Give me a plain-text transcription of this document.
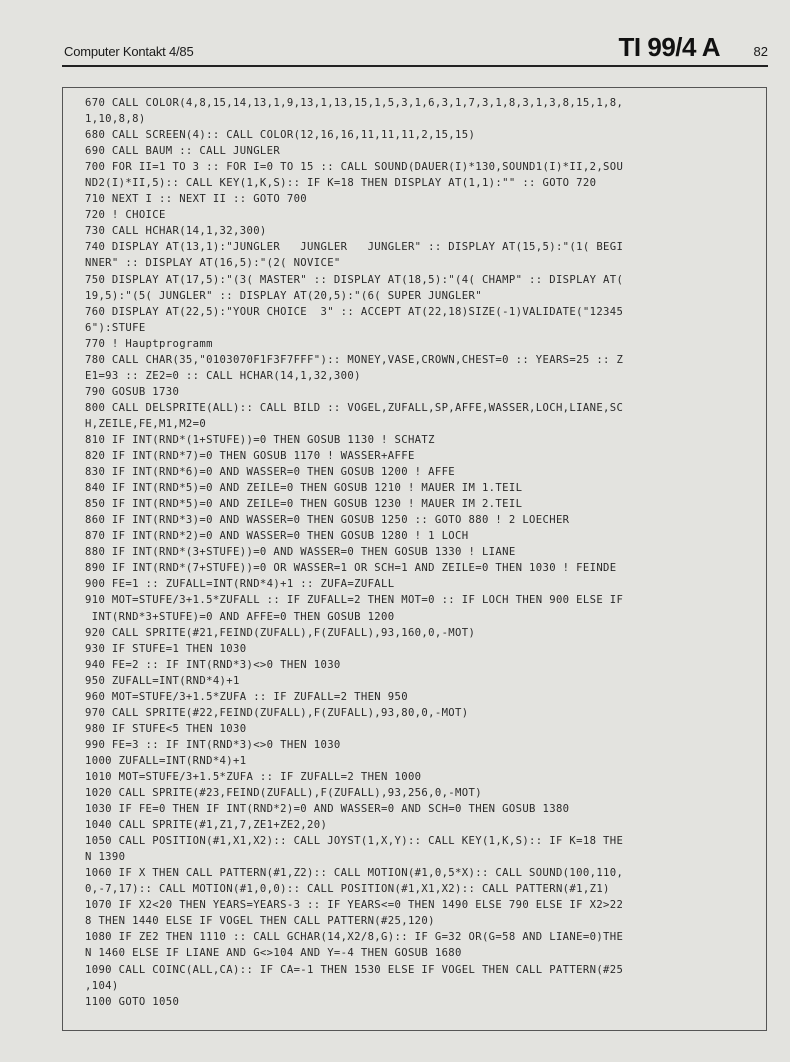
Computer Kontakt 4/85	TI 99/4 A	82
670 CALL COLOR(4,8,15,14,13,1,9,13,1,13,15,1,5,3,1,6,3,1,7,3,1,8,3,1,3,8,15,1,8,
1,10,8,8)
680 CALL SCREEN(4):: CALL COLOR(12,16,16,11,11,11,2,15,15)
690 CALL BAUM :: CALL JUNGLER
700 FOR II=1 TO 3 :: FOR I=0 TO 15 :: CALL SOUND(DAUER(I)*130,SOUND1(I)*II,2,SOU
ND2(I)*II,5):: CALL KEY(1,K,S):: IF K=18 THEN DISPLAY AT(1,1):"" :: GOTO 720
710 NEXT I :: NEXT II :: GOTO 700
720 ! CHOICE
730 CALL HCHAR(14,1,32,300)
740 DISPLAY AT(13,1):"JUNGLER   JUNGLER   JUNGLER" :: DISPLAY AT(15,5):"(1( BEGI
NNER" :: DISPLAY AT(16,5):"(2( NOVICE"
750 DISPLAY AT(17,5):"(3( MASTER" :: DISPLAY AT(18,5):"(4( CHAMP" :: DISPLAY AT(
19,5):"(5( JUNGLER" :: DISPLAY AT(20,5):"(6( SUPER JUNGLER"
760 DISPLAY AT(22,5):"YOUR CHOICE  3" :: ACCEPT AT(22,18)SIZE(-1)VALIDATE("12345
6"):STUFE
770 ! Hauptprogramm
780 CALL CHAR(35,"0103070F1F3F7FFF"):: MONEY,VASE,CROWN,CHEST=0 :: YEARS=25 :: Z
E1=93 :: ZE2=0 :: CALL HCHAR(14,1,32,300)
790 GOSUB 1730
800 CALL DELSPRITE(ALL):: CALL BILD :: VOGEL,ZUFALL,SP,AFFE,WASSER,LOCH,LIANE,SC
H,ZEILE,FE,M1,M2=0
810 IF INT(RND*(1+STUFE))=0 THEN GOSUB 1130 ! SCHATZ
820 IF INT(RND*7)=0 THEN GOSUB 1170 ! WASSER+AFFE
830 IF INT(RND*6)=0 AND WASSER=0 THEN GOSUB 1200 ! AFFE
840 IF INT(RND*5)=0 AND ZEILE=0 THEN GOSUB 1210 ! MAUER IM 1.TEIL
850 IF INT(RND*5)=0 AND ZEILE=0 THEN GOSUB 1230 ! MAUER IM 2.TEIL
860 IF INT(RND*3)=0 AND WASSER=0 THEN GOSUB 1250 :: GOTO 880 ! 2 LOECHER
870 IF INT(RND*2)=0 AND WASSER=0 THEN GOSUB 1280 ! 1 LOCH
880 IF INT(RND*(3+STUFE))=0 AND WASSER=0 THEN GOSUB 1330 ! LIANE
890 IF INT(RND*(7+STUFE))=0 OR WASSER=1 OR SCH=1 AND ZEILE=0 THEN 1030 ! FEINDE
900 FE=1 :: ZUFALL=INT(RND*4)+1 :: ZUFA=ZUFALL
910 MOT=STUFE/3+1.5*ZUFALL :: IF ZUFALL=2 THEN MOT=0 :: IF LOCH THEN 900 ELSE IF
INT(RND*3+STUFE)=0 AND AFFE=0 THEN GOSUB 1200
920 CALL SPRITE(#21,FEIND(ZUFALL),F(ZUFALL),93,160,0,-MOT)
930 IF STUFE=1 THEN 1030
940 FE=2 :: IF INT(RND*3)<>0 THEN 1030
950 ZUFALL=INT(RND*4)+1
960 MOT=STUFE/3+1.5*ZUFA :: IF ZUFALL=2 THEN 950
970 CALL SPRITE(#22,FEIND(ZUFALL),F(ZUFALL),93,80,0,-MOT)
980 IF STUFE<5 THEN 1030
990 FE=3 :: IF INT(RND*3)<>0 THEN 1030
1000 ZUFALL=INT(RND*4)+1
1010 MOT=STUFE/3+1.5*ZUFA :: IF ZUFALL=2 THEN 1000
1020 CALL SPRITE(#23,FEIND(ZUFALL),F(ZUFALL),93,256,0,-MOT)
1030 IF FE=0 THEN IF INT(RND*2)=0 AND WASSER=0 AND SCH=0 THEN GOSUB 1380
1040 CALL SPRITE(#1,Z1,7,ZE1+ZE2,20)
1050 CALL POSITION(#1,X1,X2):: CALL JOYST(1,X,Y):: CALL KEY(1,K,S):: IF K=18 THE
N 1390
1060 IF X THEN CALL PATTERN(#1,Z2):: CALL MOTION(#1,0,5*X):: CALL SOUND(100,110,
0,-7,17):: CALL MOTION(#1,0,0):: CALL POSITION(#1,X1,X2):: CALL PATTERN(#1,Z1)
1070 IF X2<20 THEN YEARS=YEARS-3 :: IF YEARS<=0 THEN 1490 ELSE 790 ELSE IF X2>22
8 THEN 1440 ELSE IF VOGEL THEN CALL PATTERN(#25,120)
1080 IF ZE2 THEN 1110 :: CALL GCHAR(14,X2/8,G):: IF G=32 OR(G=58 AND LIANE=0)THE
N 1460 ELSE IF LIANE AND G<>104 AND Y=-4 THEN GOSUB 1680
1090 CALL COINC(ALL,CA):: IF CA=-1 THEN 1530 ELSE IF VOGEL THEN CALL PATTERN(#25
,104)
1100 GOTO 1050
